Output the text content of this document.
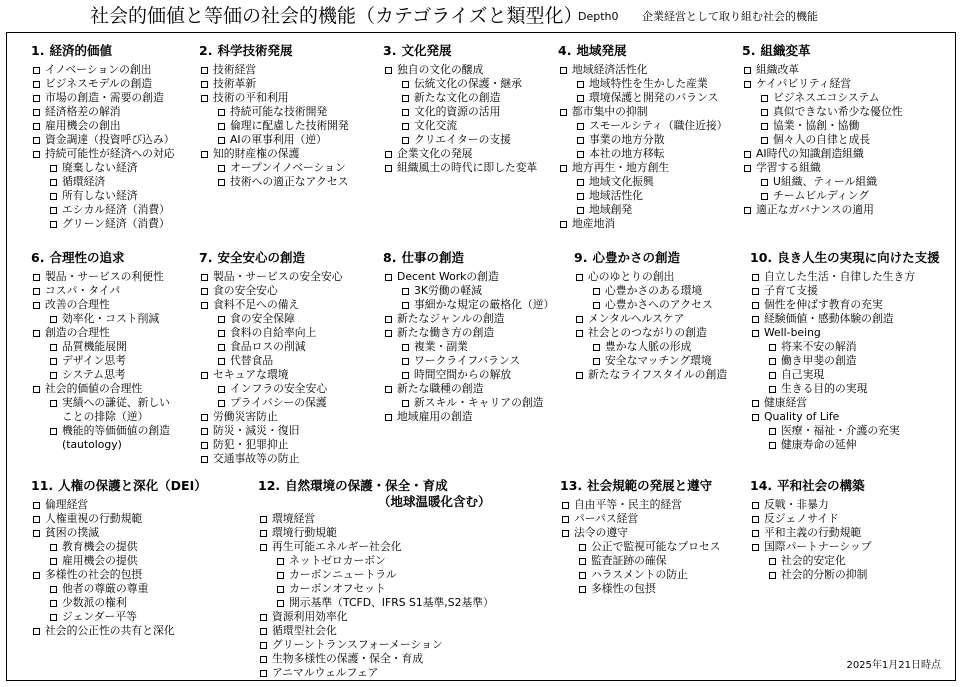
社会的価値と等価の社会的機能（カテゴライズと類型化）
Depth0 企業経営として取り組む社会的機能
2025年1月21日時点
1. 経済的価値
イノベーションの創出
ビジネスモデルの創造
市場の創造・需要の創造
経済格差の解消
雇用機会の創出
資金調達（投資呼び込み）
持続可能性が経済への対応
廃棄しない経済
循環経済
所有しない経済
エシカル経済（消費）
グリーン経済（消費）
2. 科学技術発展
技術経営
技術革新
技術の平和利用
持続可能な技術開発
倫理に配慮した技術開発
AIの軍事利用（逆）
知的財産権の保護
オープンイノベーション
技術への適正なアクセス
3. 文化発展
独自の文化の醸成
伝統文化の保護・継承
新たな文化の創造
文化的資源の活用
文化交流
クリエイターの支援
企業文化の発展
組織風土の時代に即した変革
4. 地域発展
地域経済活性化
地域特性を生かした産業
環境保護と開発のバランス
都市集中の抑制
スモールシティ（職住近接）
事業の地方分散
本社の地方移転
地方再生・地方創生
地域文化振興
地域活性化
地域創発
地産地消
5. 組織変革
組織改革
ケイパビリティ経営
ビジネスエコシステム
真似できない希少な優位性
協業・協創・協働
個々人の自律と成長
AI時代の知識創造組織
学習する組織
U組織、ティール組織
チームビルディング
適正なガバナンスの適用
6. 合理性の追求
製品・サービスの利便性
コスパ・タイパ
改善の合理性
効率化・コスト削減
創造の合理性
品質機能展開
デザイン思考
システム思考
社会的価値の合理性
実績への謙従、新しい
ことの排除（逆）
機能的等価価値の創造
(tautology)
7. 安全安心の創造
製品・サービスの安全安心
食の安全安心
食料不足への備え
食の安全保障
食料の自給率向上
食品ロスの削減
代替食品
セキュアな環境
インフラの安全安心
プライバシーの保護
労働災害防止
防災・減災・復旧
防犯・犯罪抑止
交通事故等の防止
8. 仕事の創造
Decent Workの創造
3K労働の軽減
事細かな規定の厳格化（逆）
新たなジャンルの創造
新たな働き方の創造
複業・副業
ワークライフバランス
時間空間からの解放
新たな職種の創造
新スキル・キャリアの創造
地域雇用の創造
9. 心豊かさの創造
心のゆとりの創出
心豊かさのある環境
心豊かさへのアクセス
メンタルヘルスケア
社会とのつながりの創造
豊かな人脈の形成
安全なマッチング環境
新たなライフスタイルの創造
10. 良き人生の実現に向けた支援
自立した生活・自律した生き方
子育て支援
個性を伸ばす教育の充実
経験価値・感動体験の創造
Well-being
将来不安の解消
働き甲斐の創造
自己実現
生きる目的の実現
健康経営
Quality of Life
医療・福祉・介護の充実
健康寿命の延伸
11. 人権の保護と深化（DEI）
倫理経営
人権重視の行動規範
貧困の撲滅
教育機会の提供
雇用機会の提供
多様性の社会的包摂
他者の尊厳の尊重
少数派の権利
ジェンダー平等
社会的公正性の共有と深化
12. 自然環境の保護・保全・育成
（地球温暖化含む）
環境経営
環境行動規範
再生可能エネルギー社会化
ネットゼロカーボン
カーボンニュートラル
カーボンオフセット
開示基準（TCFD、IFRS S1基準,S2基準）
資源利用効率化
循環型社会化
グリーントランスフォーメーション
生物多様性の保護・保全・育成
アニマルウェルフェア
13. 社会規範の発展と遵守
自由平等・民主的経営
パーパス経営
法令の遵守
公正で監視可能なプロセス
監査証跡の確保
ハラスメントの防止
多様性の包摂
14. 平和社会の構築
反戦・非暴力
反ジェノサイド
平和主義の行動規範
国際パートナーシップ
社会的安定化
社会的分断の抑制
